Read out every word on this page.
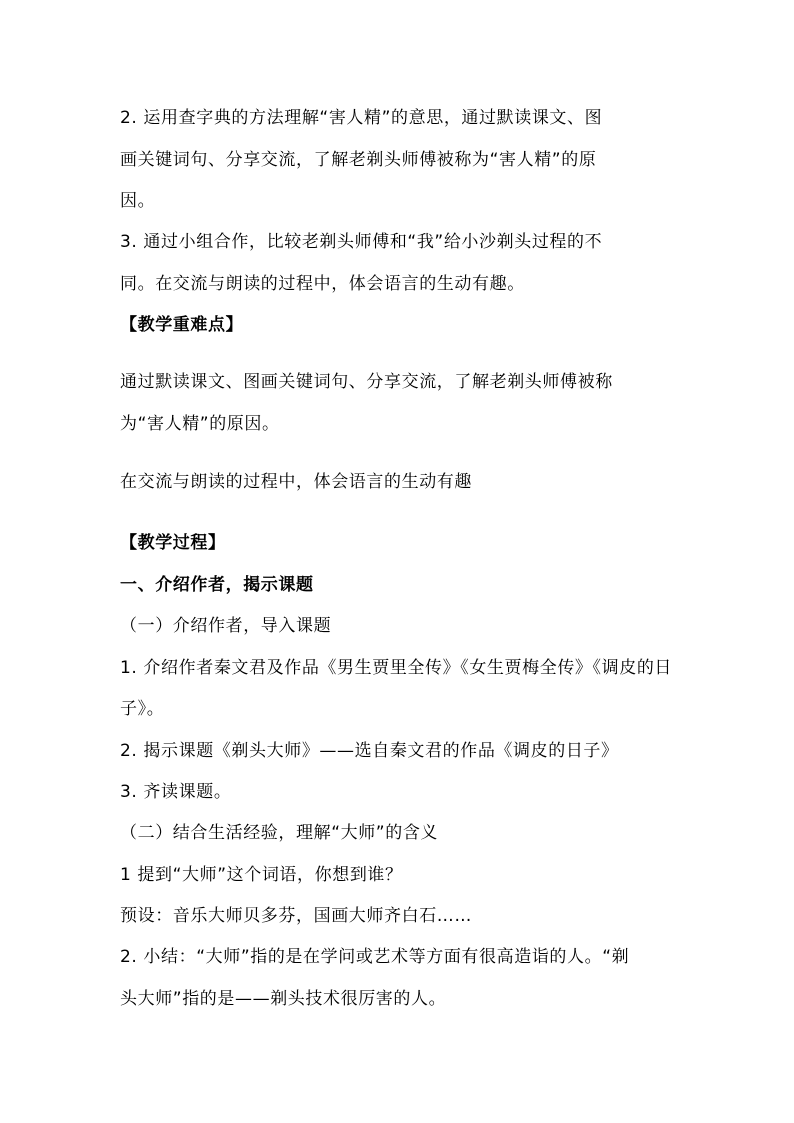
2. 运用查字典的方法理解“害人精”的意思，通过默读课文、图
画关键词句、分享交流，了解老剃头师傅被称为“害人精”的原
因。
3. 通过小组合作，比较老剃头师傅和“我”给小沙剃头过程的不
同。在交流与朗读的过程中，体会语言的生动有趣。
【教学重难点】
通过默读课文、图画关键词句、分享交流，了解老剃头师傅被称
为“害人精”的原因。
在交流与朗读的过程中，体会语言的生动有趣
【教学过程】
一、介绍作者，揭示课题
（一）介绍作者，导入课题
1. 介绍作者秦文君及作品《男生贾里全传》《女生贾梅全传》《调皮的日
子》。
2. 揭示课题《剃头大师》——选自秦文君的作品《调皮的日子》
3. 齐读课题。
（二）结合生活经验，理解“大师”的含义
1 提到“大师”这个词语，你想到谁？
预设：音乐大师贝多芬，国画大师齐白石……
2. 小结：“大师”指的是在学问或艺术等方面有很高造诣的人。“剃
头大师”指的是——剃头技术很厉害的人。
